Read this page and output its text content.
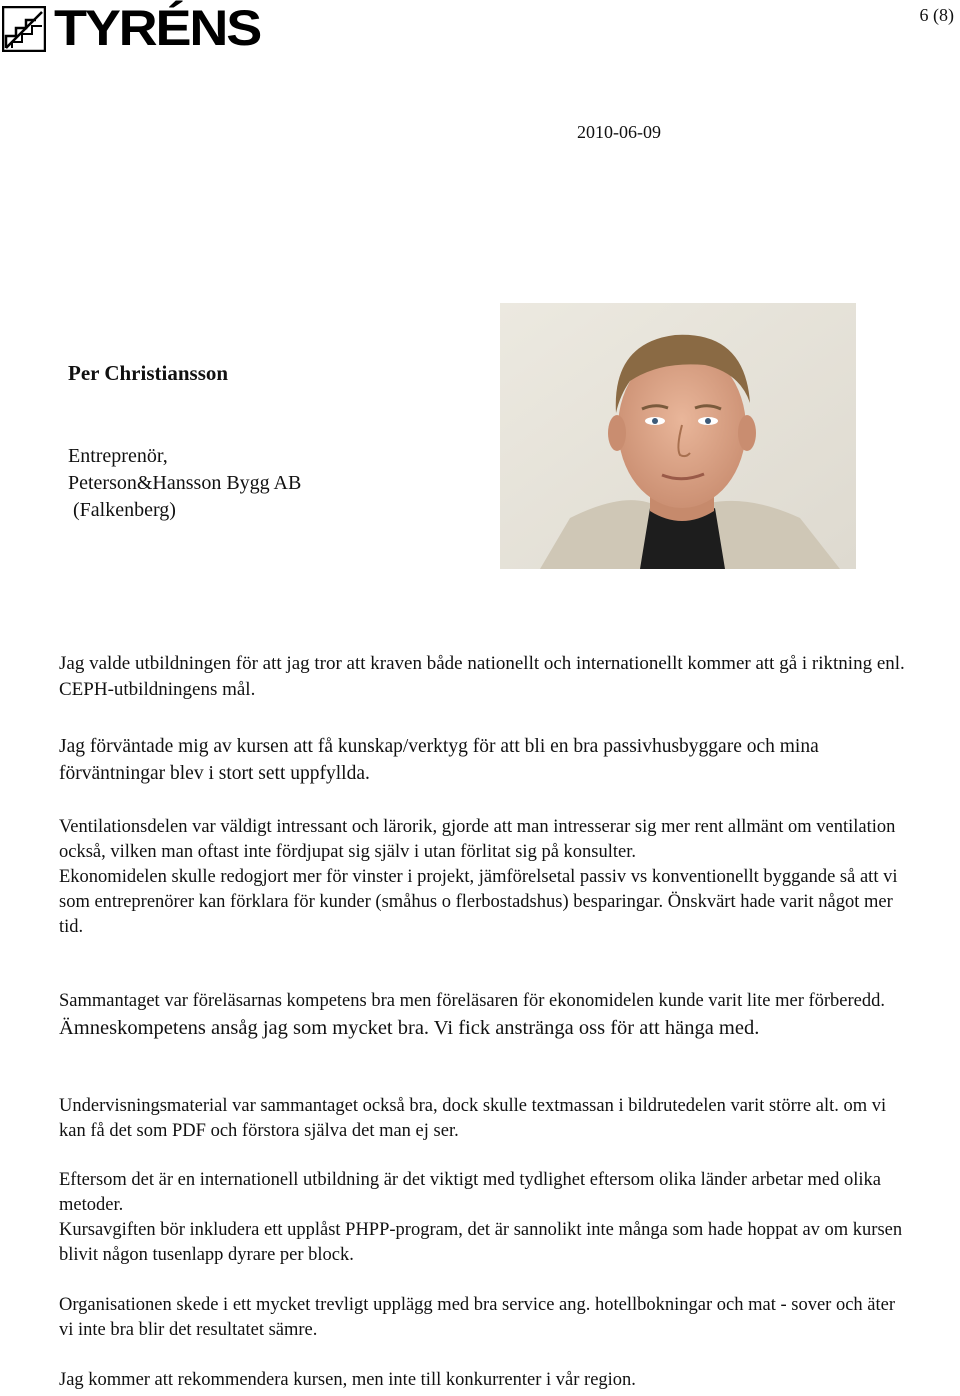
TYRÉNS	6 (8)
2010-06-09
Per Christiansson
Entreprenör,
Peterson&Hansson Bygg AB
(Falkenberg)

Jag valde utbildningen för att jag tror att kraven både nationellt och internationellt kommer att gå i riktning enl. CEPH-utbildningens mål.

Jag förväntade mig av kursen att få kunskap/verktyg för att bli en bra passivhusbyggare och mina förväntningar blev i stort sett uppfyllda.

Ventilationsdelen var väldigt intressant och lärorik, gjorde att man intresserar sig mer rent allmänt om ventilation också, vilken man oftast inte fördjupat sig själv i utan förlitat sig på konsulter.
Ekonomidelen skulle redogjort mer för vinster i projekt, jämförelsetal passiv vs konventionellt byggande så att vi som entreprenörer kan förklara för kunder (småhus o flerbostadshus) besparingar. Önskvärt hade varit något mer tid.
Sammantaget var föreläsarnas kompetens bra men föreläsaren för ekonomidelen kunde varit lite mer förberedd. Ämneskompetens ansåg jag som mycket bra. Vi fick anstränga oss för att hänga med.

Undervisningsmaterial var sammantaget också bra, dock skulle textmassan i bildrutedelen varit större alt. om vi kan få det som PDF och förstora själva det man ej ser.

Eftersom det är en internationell utbildning är det viktigt med tydlighet eftersom olika länder arbetar med olika metoder.
Kursavgiften bör inkludera ett upplåst PHPP-program, det är sannolikt inte många som hade hoppat av om kursen blivit någon tusenlapp dyrare per block.

Organisationen skede i ett mycket trevligt upplägg med bra service ang. hotellbokningar och mat - sover och äter vi inte bra blir det resultatet sämre.

Jag kommer att rekommendera kursen, men inte till konkurrenter i vår region.
